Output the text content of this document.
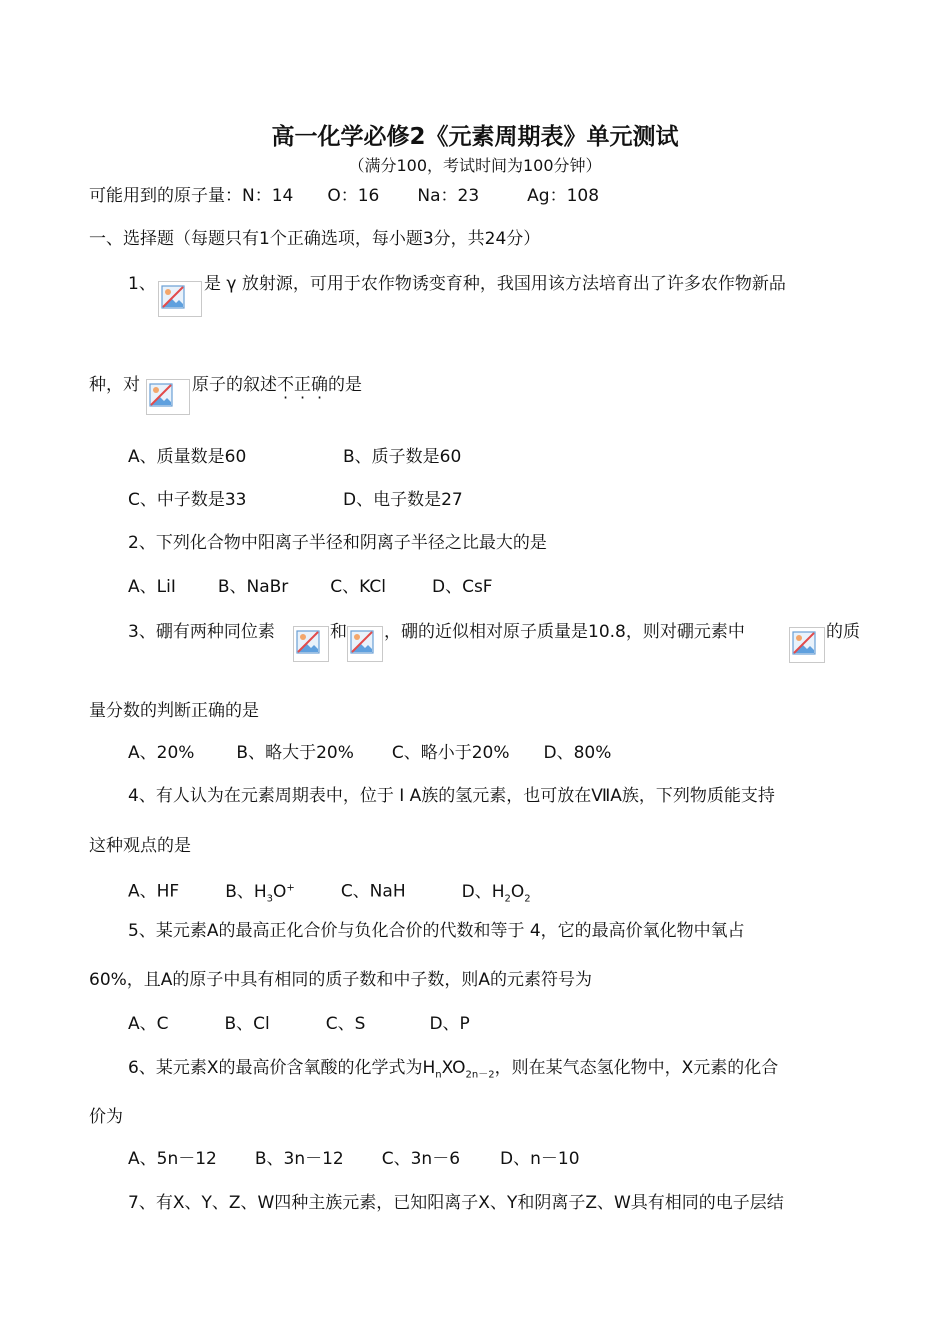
高一化学必修2《元素周期表》单元测试
（满分100，考试时间为100分钟）
可能用到的原子量：N：14 O：16 Na：23	Ag：108
一、选择题（每题只有1个正确选项，每小题3分，共24分）
1、	是 γ 放射源，可用于农作物诱变育种，我国用该方法培育出了许多农作物新品
种，对	原子的叙述不正确的是
A、质量数是60	B、质子数是60
C、中子数是33	D、电子数是27
2、下列化合物中阳离子半径和阴离子半径之比最大的是
A、LiI B、NaBr C、KCl	D、CsF
3、硼有两种同位素	和 ，硼的近似相对原子质量是10.8，则对硼元素中	的质
量分数的判断正确的是
A、20% B、略大于20% C、略小于20% D、80%
4、有人认为在元素周期表中，位于 I A族的氢元素，也可放在ⅦA族，下列物质能支持
这种观点的是
A、HF	B、$H_3O^+$	C、NaH	D、$H_2O_2$
5、某元素A的最高正化合价与负化合价的代数和等于 4，它的最高价氧化物中氧占
60%，且A的原子中具有相同的质子数和中子数，则A的元素符号为
A、C	B、Cl	C、S	D、P
6、某元素X的最高价含氧酸的化学式为$H_nXO_{2n-2}$，则在某气态氢化物中，X元素的化合
价为
A、5n－12 B、3n－12 C、3n－6 D、n－10
7、有X、Y、Z、W四种主族元素，已知阳离子X、Y和阴离子Z、W具有相同的电子层结
